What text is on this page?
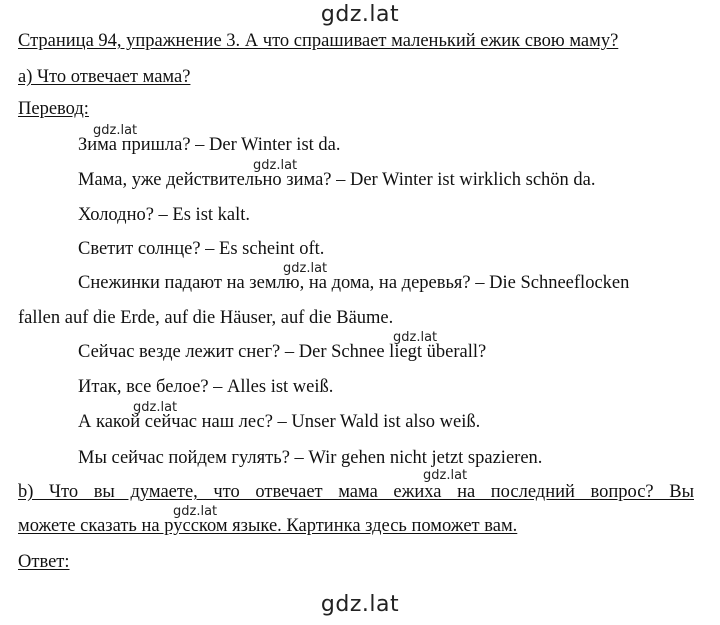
gdz.lat
Страница 94, упражнение 3. А что спрашивает маленький ежик свою маму?
а) Что отвечает мама?
Перевод:
gdz.lat
Зима пришла? – Der Winter ist da.
gdz.lat
Мама, уже действительно зима? – Der Winter ist wirklich schön da.
Холодно? – Es ist kalt.
Светит солнце? – Es scheint oft.
gdz.lat
Снежинки падают на землю, на дома, на деревья? – Die Schneeflocken
fallen auf die Erde, auf die Häuser, auf die Bäume.
gdz.lat
Сейчас везде лежит снег? – Der Schnee liegt überall?
Итак, все белое? – Alles ist weiß.
gdz.lat
А какой сейчас наш лес? – Unser Wald ist also weiß.
Мы сейчас пойдем гулять? – Wir gehen nicht jetzt spazieren.
gdz.lat
b) Что вы думаете, что отвечает мама ежиха на последний вопрос? Вы
gdz.lat
можете сказать на русском языке. Картинка здесь поможет вам.
Ответ:
gdz.lat
